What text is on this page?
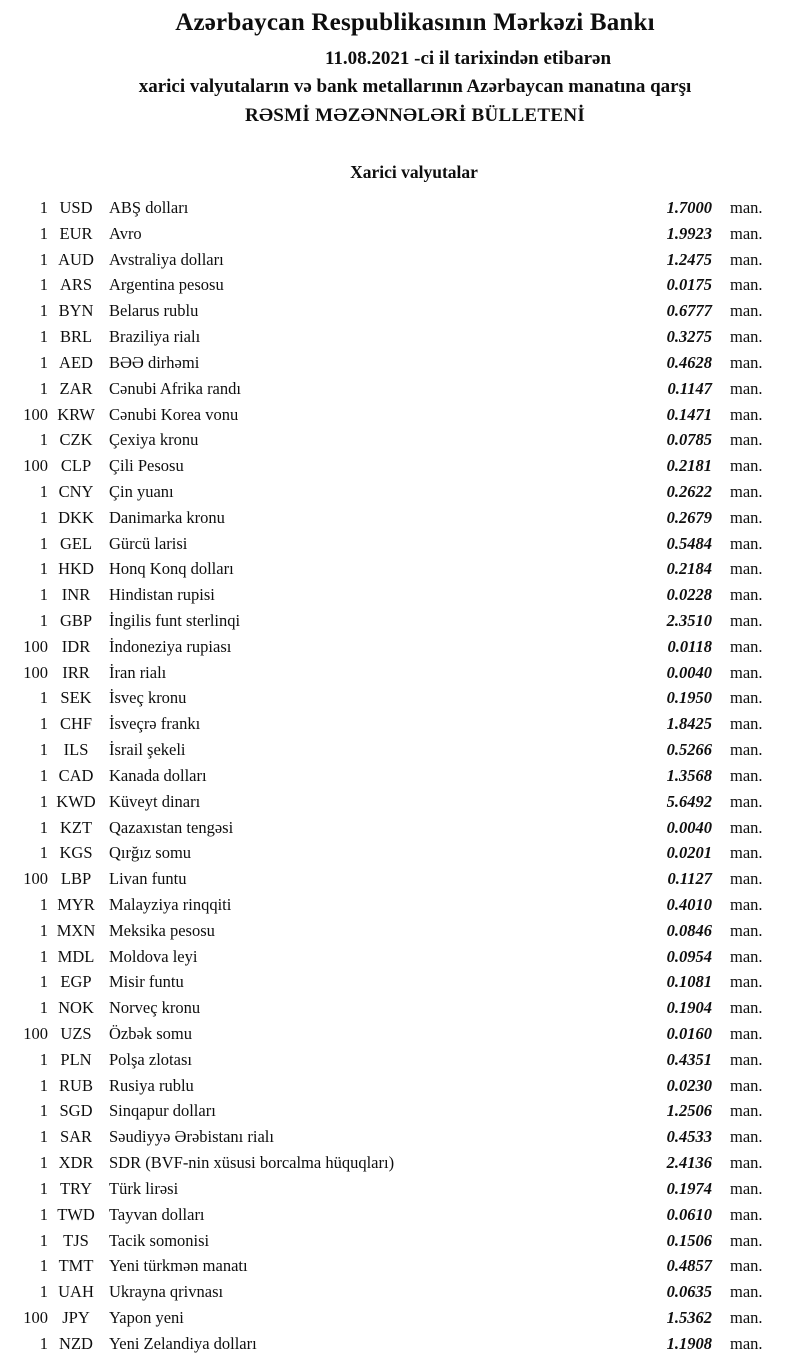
Azərbaycan Respublikasının Mərkəzi Bankı
11.08.2021 -ci il tarixindən etibarən
xarici valyutaların və bank metallarının Azərbaycan manatına qarşı
RƏSMİ MƏZƏNNƏLƏRİ BÜLLETENİ
Xarici valyutalar
1 USD	ABŞ dolları	1.7000	man.
1 EUR	Avro	1.9923	man.
1 AUD Avstraliya dolları	1.2475	man.
1 ARS	Argentina pesosu	0.0175	man.
1 BYN Belarus rublu	0.6777	man.
1 BRL	Braziliya rialı	0.3275	man.
1 AED BƏƏ dirhəmi	0.4628	man.
1 ZAR	Cənubi Afrika randı	0.1147	man.
100 KRW Cənubi Korea vonu	0.1471	man.
1 CZK	Çexiya kronu	0.0785	man.
100 CLP	Çili Pesosu	0.2181	man.
1 CNY Çin yuanı	0.2622	man.
1 DKK Danimarka kronu	0.2679	man.
1 GEL	Gürcü larisi	0.5484	man.
1 HKD Honq Konq dolları	0.2184	man.
1 INR	Hindistan rupisi	0.0228	man.
1 GBP	İngilis funt sterlinqi	2.3510	man.
100 IDR	İndoneziya rupiası	0.0118	man.
100 IRR	İran rialı	0.0040	man.
1 SEK	İsveç kronu	0.1950	man.
1 CHF	İsveçrə frankı	1.8425	man.
1 ILS	İsrail şekeli	0.5266	man.
1 CAD Kanada dolları	1.3568	man.
1 KWD Küveyt dinarı	5.6492	man.
1 KZT	Qazaxıstan tengəsi	0.0040	man.
1 KGS	Qırğız somu	0.0201	man.
100 LBP	Livan funtu	0.1127	man.
1 MYR Malayziya rinqqiti	0.4010	man.
1 MXN Meksika pesosu	0.0846	man.
1 MDL Moldova leyi	0.0954	man.
1 EGP	Misir funtu	0.1081	man.
1 NOK Norveç kronu	0.1904	man.
100 UZS	Özbək somu	0.0160	man.
1 PLN	Polşa zlotası	0.4351	man.
1 RUB Rusiya rublu	0.0230	man.
1 SGD	Sinqapur dolları	1.2506	man.
1 SAR	Səudiyyə Ərəbistanı rialı	0.4533	man.
1 XDR SDR (BVF-nin xüsusi borcalma hüquqları)	2.4136	man.
1 TRY	Türk lirəsi	0.1974	man.
1 TWD Tayvan dolları	0.0610	man.
1 TJS	Tacik somonisi	0.1506	man.
1 TMT Yeni türkmən manatı	0.4857	man.
1 UAH Ukrayna qrivnası	0.0635	man.
100 JPY	Yapon yeni	1.5362	man.
1 NZD Yeni Zelandiya dolları	1.1908	man.
